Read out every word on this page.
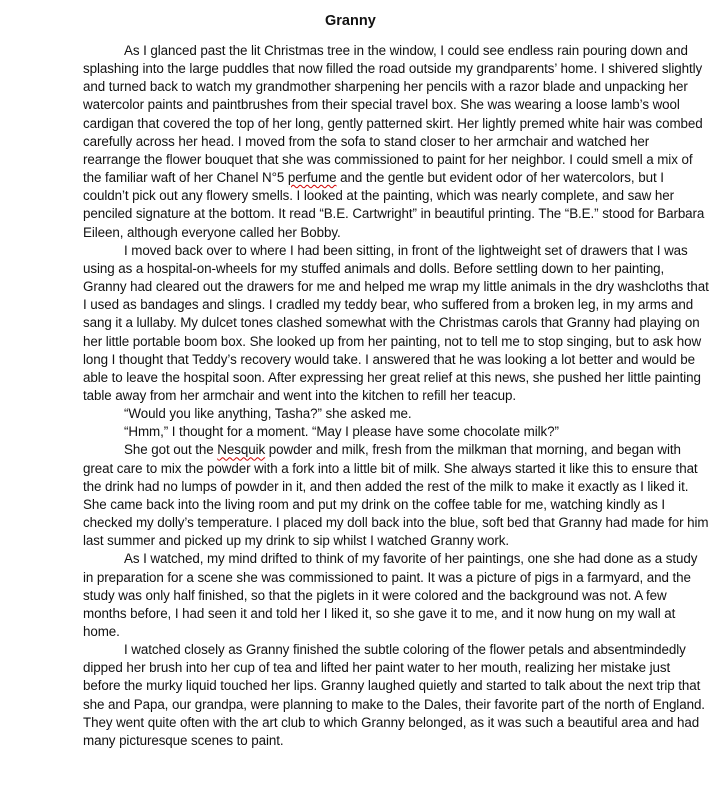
Granny

As I glanced past the lit Christmas tree in the window, I could see endless rain pouring down and splashing into the large puddles that now filled the road outside my grandparents’ home. I shivered slightly and turned back to watch my grandmother sharpening her pencils with a razor blade and unpacking her watercolor paints and paintbrushes from their special travel box. She was wearing a loose lamb’s wool cardigan that covered the top of her long, gently patterned skirt. Her lightly premed white hair was combed carefully across her head. I moved from the sofa to stand closer to her armchair and watched her rearrange the flower bouquet that she was commissioned to paint for her neighbor. I could smell a mix of the familiar waft of her Chanel N°5 perfume and the gentle but evident odor of her watercolors, but I couldn’t pick out any flowery smells. I looked at the painting, which was nearly complete, and saw her penciled signature at the bottom. It read “B.E. Cartwright” in beautiful printing. The “B.E.” stood for Barbara Eileen, although everyone called her Bobby.

I moved back over to where I had been sitting, in front of the lightweight set of drawers that I was using as a hospital-on-wheels for my stuffed animals and dolls. Before settling down to her painting, Granny had cleared out the drawers for me and helped me wrap my little animals in the dry washcloths that I used as bandages and slings. I cradled my teddy bear, who suffered from a broken leg, in my arms and sang it a lullaby. My dulcet tones clashed somewhat with the Christmas carols that Granny had playing on her little portable boom box. She looked up from her painting, not to tell me to stop singing, but to ask how long I thought that Teddy’s recovery would take. I answered that he was looking a lot better and would be able to leave the hospital soon. After expressing her great relief at this news, she pushed her little painting table away from her armchair and went into the kitchen to refill her teacup.

“Would you like anything, Tasha?” she asked me.

“Hmm,” I thought for a moment. “May I please have some chocolate milk?”

She got out the Nesquik powder and milk, fresh from the milkman that morning, and began with great care to mix the powder with a fork into a little bit of milk. She always started it like this to ensure that the drink had no lumps of powder in it, and then added the rest of the milk to make it exactly as I liked it. She came back into the living room and put my drink on the coffee table for me, watching kindly as I checked my dolly’s temperature. I placed my doll back into the blue, soft bed that Granny had made for him last summer and picked up my drink to sip whilst I watched Granny work.

As I watched, my mind drifted to think of my favorite of her paintings, one she had done as a study in preparation for a scene she was commissioned to paint. It was a picture of pigs in a farmyard, and the study was only half finished, so that the piglets in it were colored and the background was not. A few months before, I had seen it and told her I liked it, so she gave it to me, and it now hung on my wall at home.

I watched closely as Granny finished the subtle coloring of the flower petals and absentmindedly dipped her brush into her cup of tea and lifted her paint water to her mouth, realizing her mistake just before the murky liquid touched her lips. Granny laughed quietly and started to talk about the next trip that she and Papa, our grandpa, were planning to make to the Dales, their favorite part of the north of England. They went quite often with the art club to which Granny belonged, as it was such a beautiful area and had many picturesque scenes to paint.
